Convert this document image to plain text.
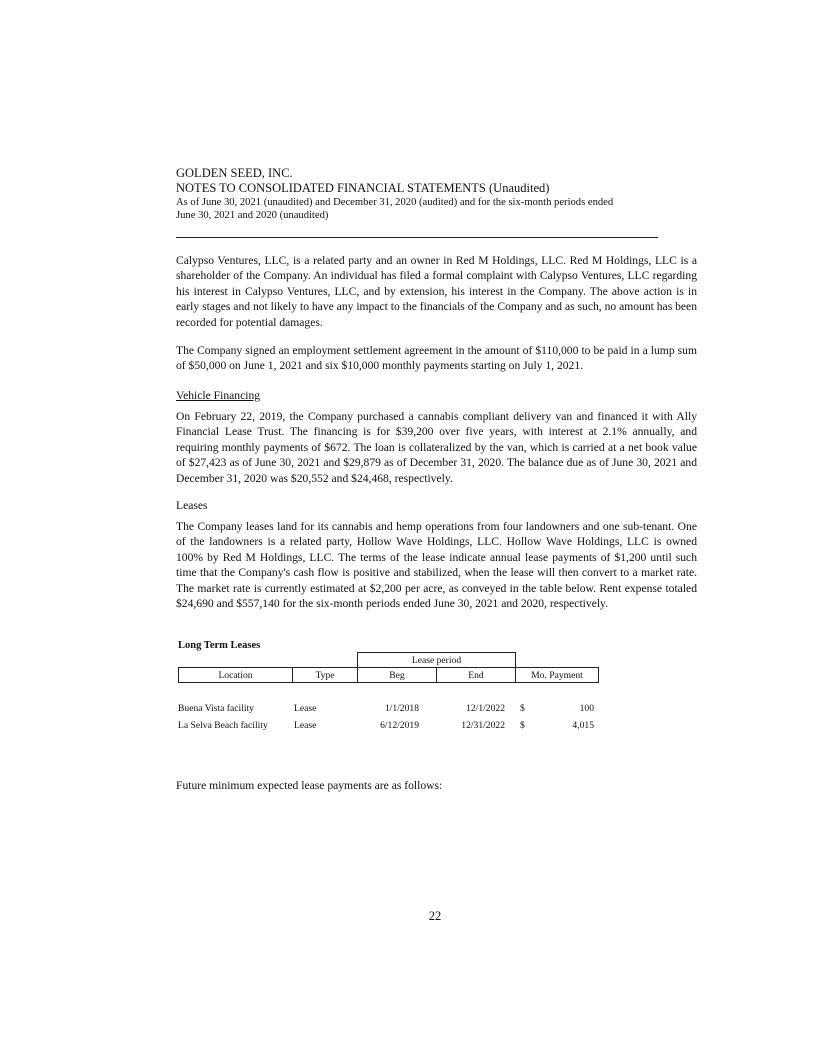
GOLDEN SEED, INC.

NOTES TO CONSOLIDATED FINANCIAL STATEMENTS (Unaudited)

As of June 30, 2021 (unaudited) and December 31, 2020 (audited) and for the six-month periods ended

June 30, 2021 and 2020 (unaudited)

Calypso Ventures, LLC, is a related party and an owner in Red M Holdings, LLC. Red M Holdings, LLC is a shareholder of the Company. An individual has filed a formal complaint with Calypso Ventures, LLC regarding his interest in Calypso Ventures, LLC, and by extension, his interest in the Company. The above action is in early stages and not likely to have any impact to the financials of the Company and as such, no amount has been recorded for potential damages.

The Company signed an employment settlement agreement in the amount of $110,000 to be paid in a lump sum of $50,000 on June 1, 2021 and six $10,000 monthly payments starting on July 1, 2021.

Vehicle Financing

On February 22, 2019, the Company purchased a cannabis compliant delivery van and financed it with Ally Financial Lease Trust. The financing is for $39,200 over five years, with interest at 2.1% annually, and requiring monthly payments of $672. The loan is collateralized by the van, which is carried at a net book value of $27,423 as of June 30, 2021 and $29,879 as of December 31, 2020. The balance due as of June 30, 2021 and December 31, 2020 was $20,552 and $24,468, respectively.

Leases

The Company leases land for its cannabis and hemp operations from four landowners and one sub-tenant. One of the landowners is a related party, Hollow Wave Holdings, LLC. Hollow Wave Holdings, LLC is owned 100% by Red M Holdings, LLC. The terms of the lease indicate annual lease payments of $1,200 until such time that the Company's cash flow is positive and stabilized, when the lease will then convert to a market rate. The market rate is currently estimated at $2,200 per acre, as conveyed in the table below. Rent expense totaled $24,690 and $557,140 for the six-month periods ended June 30, 2021 and 2020, respectively.

Long Term Leases

Lease period
Location	Type	Beg	End	Mo. Payment
Buena Vista facility	Lease	1/1/2018	12/1/2022 $	100
La Selva Beach facility	Lease	6/12/2019	12/31/2022 $	4,015

Future minimum expected lease payments are as follows:

22
